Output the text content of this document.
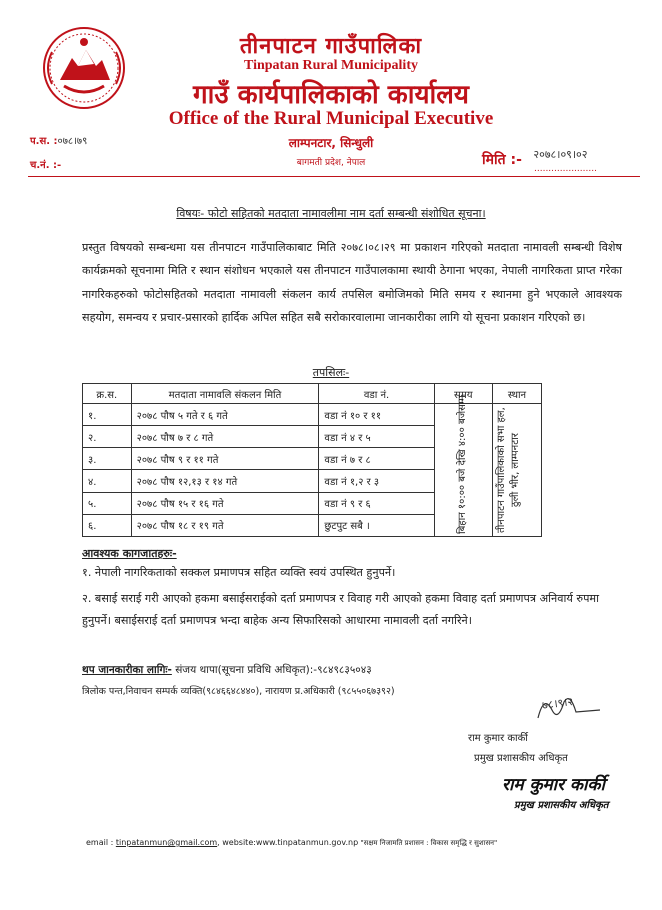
तीनपाटन गाउँपालिका
Tinpatan Rural Municipality
गाउँ कार्यपालिकाको कार्यालय
Office of the Rural Municipal Executive
लाम्पनटार, सिन्धुली
बागमती प्रदेश, नेपाल
प.स. :०७८।७९
च.नं. :-	मिति :- २०७८।०९।०२

......................
विषयः- फोटो सहितको मतदाता नामावलीमा नाम दर्ता सम्बन्धी संशोधित सूचना।
प्रस्तुत विषयको सम्बन्धमा यस तीनपाटन गाउँपालिकाबाट मिति २०७८।०८।२९ मा प्रकाशन गरिएको मतदाता नामावली सम्बन्धी विशेष कार्यक्रमको सूचनामा मिति र स्थान संशोधन भएकाले यस तीनपाटन गाउँपालकामा स्थायी ठेगाना भएका, नेपाली नागरिकता प्राप्त गरेका नागरिकहरुको फोटोसहितको मतदाता नामावली संकलन कार्य तपसिल बमोजिमको मिति समय र स्थानमा हुने भएकाले आवश्यक सहयोग, समन्वय र प्रचार-प्रसारको हार्दिक अपिल सहित सबै सरोकारवालामा जानकारीका लागि यो सूचना प्रकाशन गरिएको छ।
तपसिलः-
क्र.स.	मतदाता नामावलि संकलन मिति	वडा नं.	समय	स्थान
१.	२०७८ पौष ५ गते र ६ गते	वडा नं १० र ११	बिहान १०:०० बजे देखि ४:०० बजेसम्म	तीनपाटन गाउँपालिकाको सभा हल, ठुली भीर, लाम्पनटार

२.	२०७८ पौष ७ र ८ गते	वडा नं ४ र ५		
३.	२०७८ पौष ९ र ११ गते	वडा नं ७ र ८		
४.	२०७८ पौष १२,१३ र १४ गते	वडा नं १,२ र ३		
५.	२०७८ पौष १५ र १६ गते	वडा नं ९ र ६		
६.	२०७८ पौष १८ र १९ गते	छुटपुट सबै ।		
आवश्यक कागजातहरुः-
१. नेपाली नागरिकताको सक्कल प्रमाणपत्र सहित व्यक्ति स्वयं उपस्थित हुनुपर्ने।
२. बसाई सराई गरी आएको हकमा बसाईसराईको दर्ता प्रमाणपत्र र विवाह गरी आएको हकमा विवाह दर्ता प्रमाणपत्र अनिवार्य रुपमा हुनुपर्ने। बसाईसराई दर्ता प्रमाणपत्र भन्दा बाहेक अन्य सिफारिसको आधारमा नामावली दर्ता नगरिने।
थप जानकारीका लागिः- संजय थापा(सूचना प्रविधि अधिकृत):-९८४९८३५०४३
त्रिलोक पन्त,निवाचन सम्पर्क व्यक्ति(९८४६६४८४४०), नारायण प्र.अधिकारी (९८५५०६७३९२)
७८।९।२
राम कुमार कार्की
प्रमुख प्रशासकीय अधिकृत
राम कुमार कार्की
प्रमुख प्रशासकीय अधिकृत
email : tinpatanmun@gmail.com, website:www.tinpatanmun.gov.np "सक्षम निजामति प्रशासन : विकास समृद्धि र सुशासन"
